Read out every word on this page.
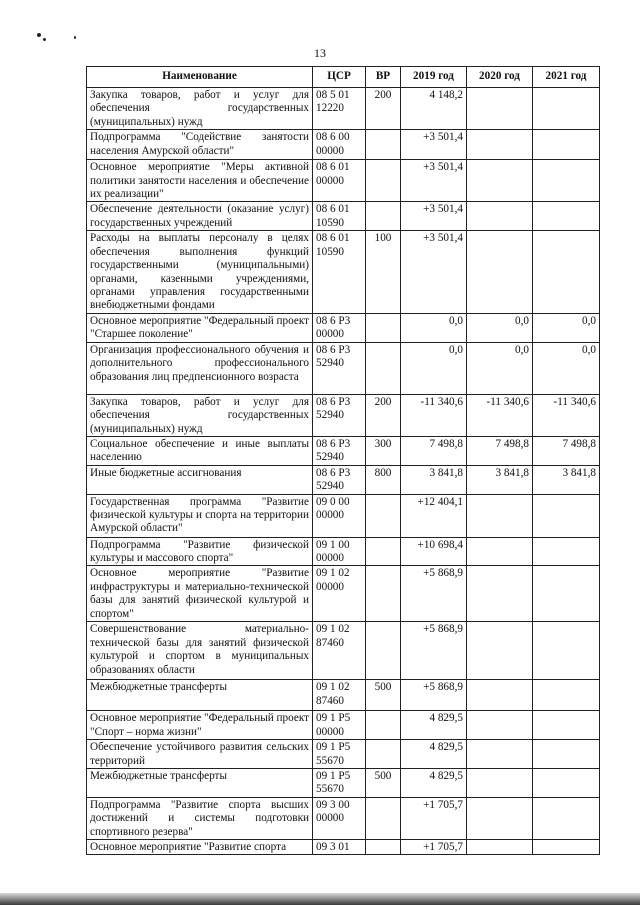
13
Наименование	ЦСР	ВР	2019 год	2020 год	2021 год
Закупка товаров, работ и услуг для обеспечения государственных (муниципальных) нужд	08 5 01 12220	200	4 148,2		
Подпрограмма "Содействие занятости населения Амурской области"	08 6 00 00000		+3 501,4		
Основное мероприятие "Меры активной политики занятости населения и обеспечение их реализации"	08 6 01 00000		+3 501,4		
Обеспечение деятельности (оказание услуг) государственных учреждений	08 6 01 10590		+3 501,4		
Расходы на выплаты персоналу в целях обеспечения выполнения функций государственными (муниципальными) органами, казенными учреждениями, органами управления государственными внебюджетными фондами	08 6 01 10590	100	+3 501,4		
Основное мероприятие "Федеральный проект "Старшее поколение"	08 6 P3 00000		0,0	0,0	0,0
Организация профессионального обучения и дополнительного профессионального образования лиц предпенсионного возраста	08 6 P3 52940		0,0	0,0	0,0
Закупка товаров, работ и услуг для обеспечения государственных (муниципальных) нужд	08 6 P3 52940	200	-11 340,6	-11 340,6	-11 340,6
Социальное обеспечение и иные выплаты населению	08 6 P3 52940	300	7 498,8	7 498,8	7 498,8
Иные бюджетные ассигнования	08 6 P3 52940	800	3 841,8	3 841,8	3 841,8
Государственная программа "Развитие физической культуры и спорта на территории Амурской области"	09 0 00 00000		+12 404,1		
Подпрограмма "Развитие физической культуры и массового спорта"	09 1 00 00000		+10 698,4		
Основное мероприятие "Развитие инфраструктуры и материально-технической базы для занятий физической культурой и спортом"	09 1 02 00000		+5 868,9		
Совершенствование материально-технической базы для занятий физической культурой и спортом в муниципальных образованиях области	09 1 02 87460		+5 868,9		
Межбюджетные трансферты	09 1 02 87460	500	+5 868,9		
Основное мероприятие "Федеральный проект "Спорт – норма жизни"	09 1 P5 00000		4 829,5		
Обеспечение устойчивого развития сельских территорий	09 1 P5 55670		4 829,5		
Межбюджетные трансферты	09 1 P5 55670	500	4 829,5		
Подпрограмма "Развитие спорта высших достижений и системы подготовки спортивного резерва"	09 3 00 00000		+1 705,7		
Основное мероприятие "Развитие спорта	09 3 01		+1 705,7		
